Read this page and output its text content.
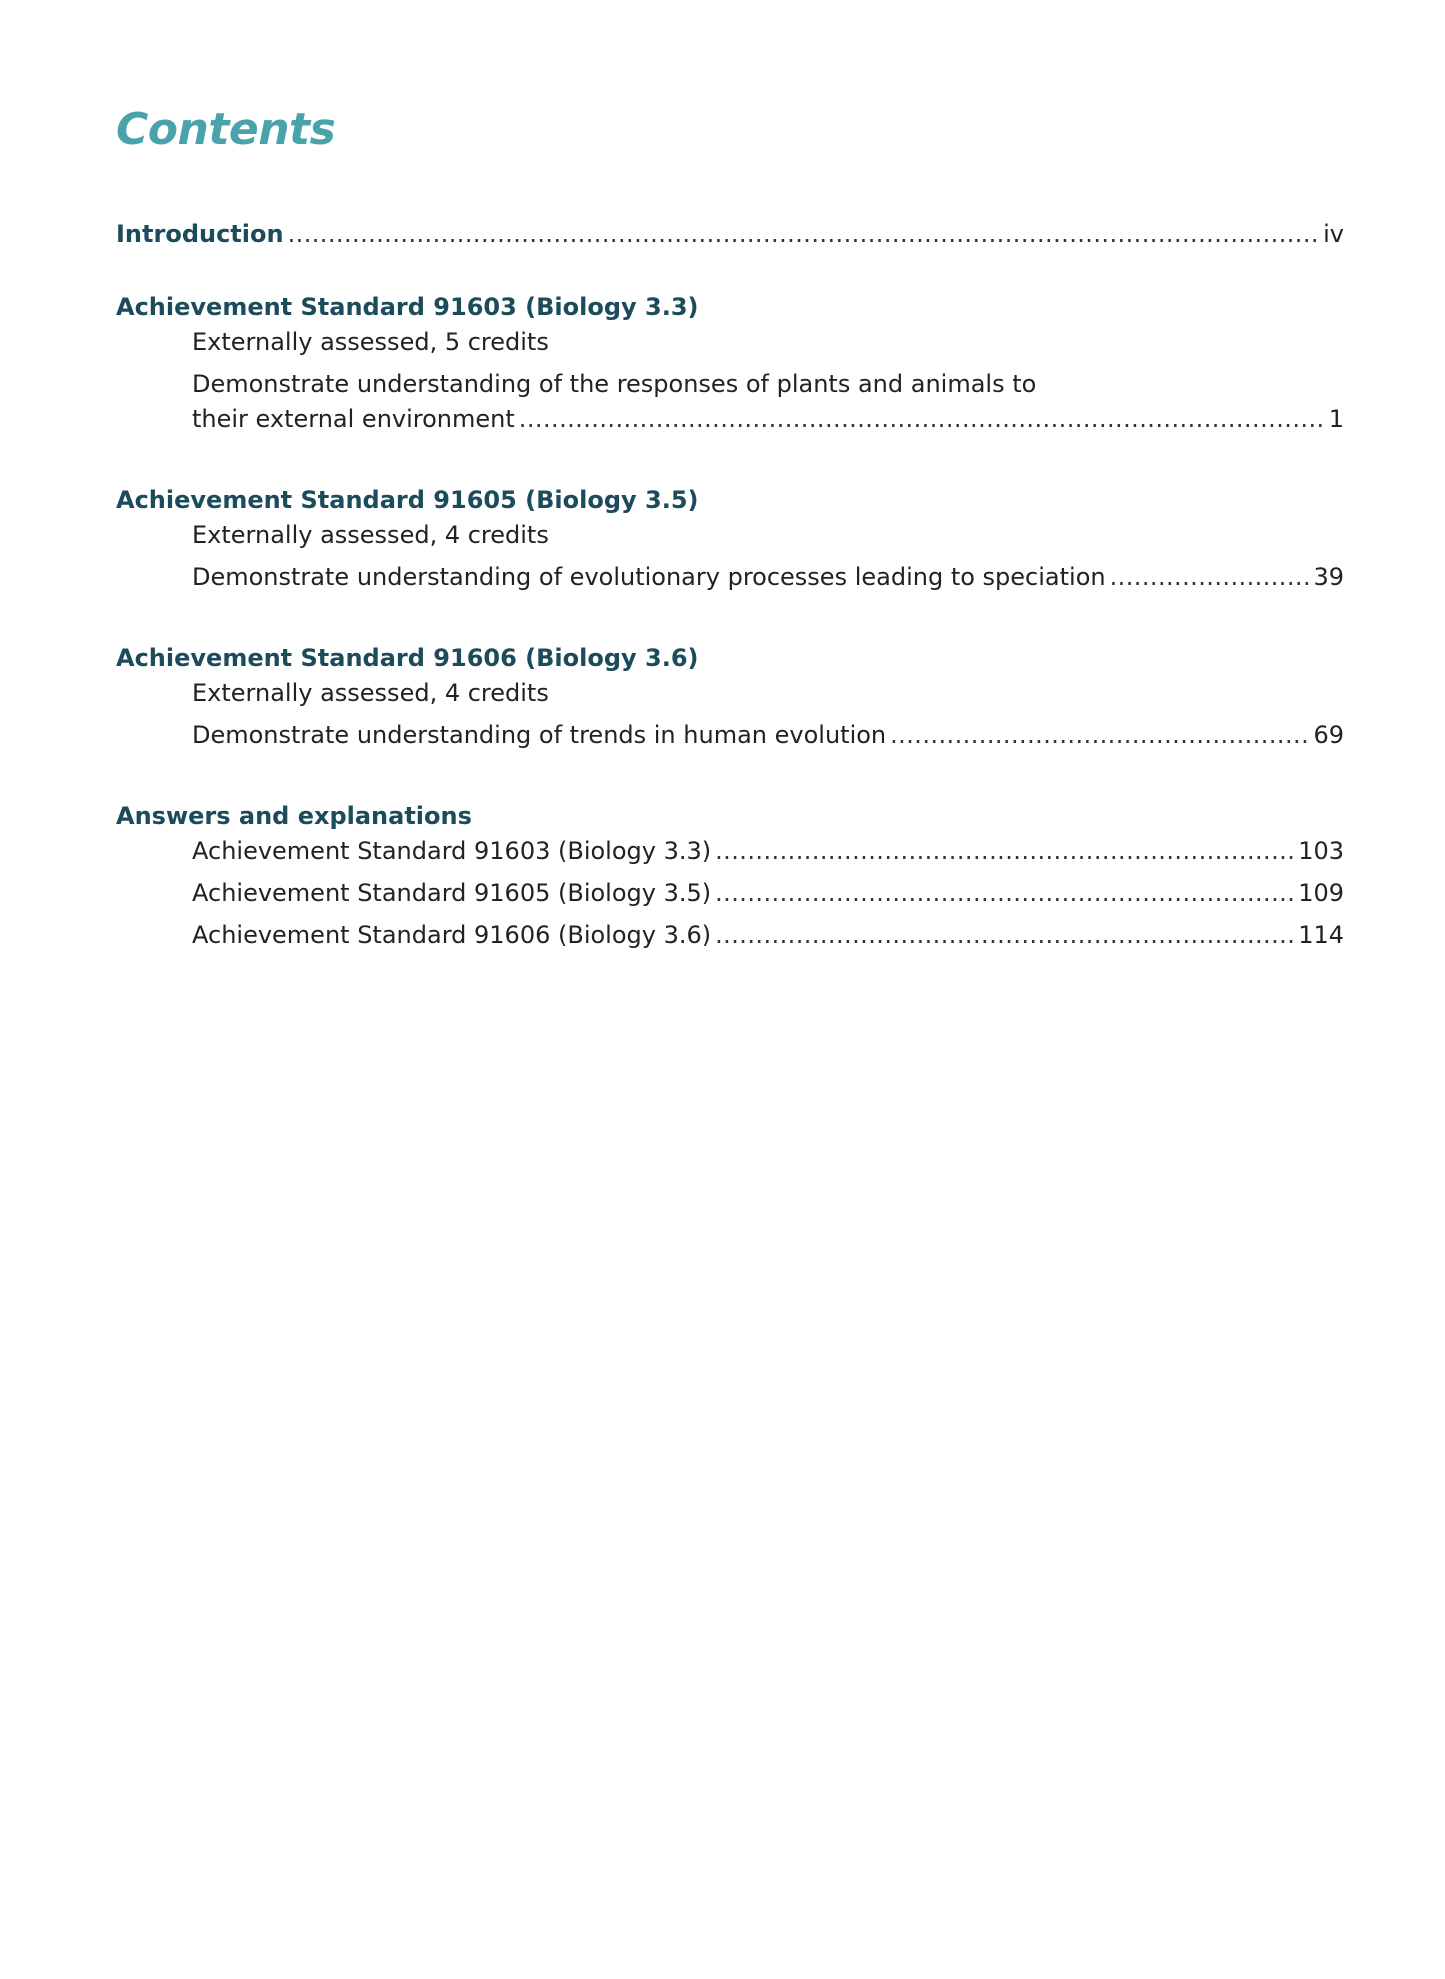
Contents
Introduction . . .	iv
Achievement Standard 91603 (Biology 3.3)
Externally assessed, 5 credits
Demonstrate understanding of the responses of plants and animals to
their external environment . . .	1
Achievement Standard 91605 (Biology 3.5)
Externally assessed, 4 credits
Demonstrate understanding of evolutionary processes leading to speciation . . .	39
Achievement Standard 91606 (Biology 3.6)
Externally assessed, 4 credits
Demonstrate understanding of trends in human evolution . . .	69
Answers and explanations
Achievement Standard 91603 (Biology 3.3) . . .	103
Achievement Standard 91605 (Biology 3.5) . . .	109
Achievement Standard 91606 (Biology 3.6) . . .	114
